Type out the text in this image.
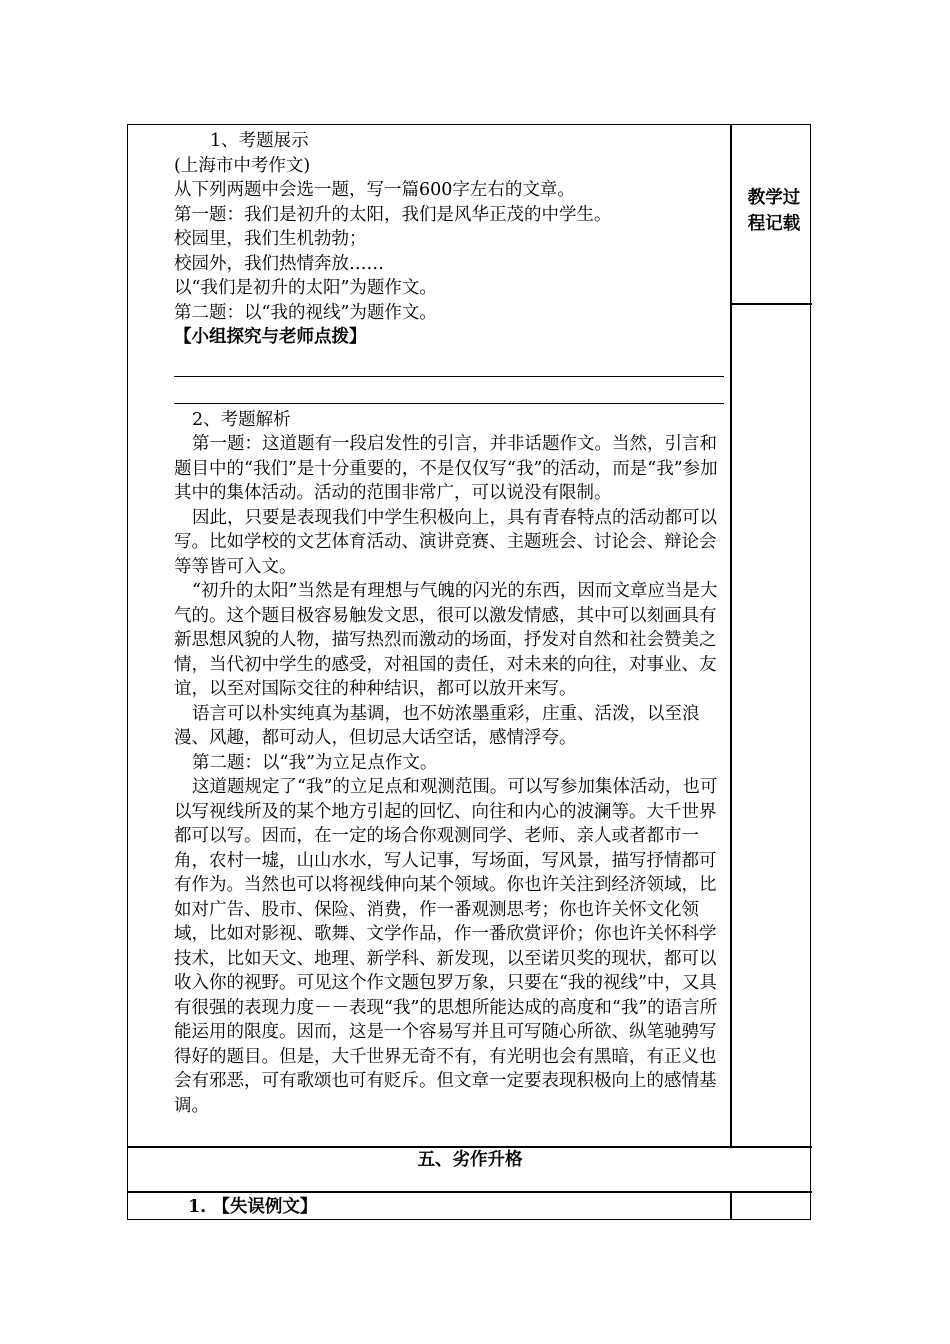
1、考题展示

(上海市中考作文)

从下列两题中会选一题，写一篇600字左右的文章。

第一题：我们是初升的太阳，我们是风华正茂的中学生。

校园里，我们生机勃勃；

校园外，我们热情奔放……

以“我们是初升的太阳”为题作文。

第二题：以“我的视线”为题作文。

【小组探究与老师点拨】

2、考题解析

第一题：这道题有一段启发性的引言，并非话题作文。当然，引言和题目中的“我们”是十分重要的，不是仅仅写“我”的活动，而是“我”参加其中的集体活动。活动的范围非常广，可以说没有限制。

因此，只要是表现我们中学生积极向上，具有青春特点的活动都可以写。比如学校的文艺体育活动、演讲竞赛、主题班会、讨论会、辩论会等等皆可入文。

“初升的太阳”当然是有理想与气魄的闪光的东西，因而文章应当是大气的。这个题目极容易触发文思，很可以激发情感，其中可以刻画具有新思想风貌的人物，描写热烈而激动的场面，抒发对自然和社会赞美之情，当代初中学生的感受，对祖国的责任，对未来的向往，对事业、友谊，以至对国际交往的种种结识，都可以放开来写。

语言可以朴实纯真为基调，也不妨浓墨重彩，庄重、活泼，以至浪漫、风趣，都可动人，但切忌大话空话，感情浮夸。

第二题：以“我”为立足点作文。

这道题规定了“我”的立足点和观测范围。可以写参加集体活动，也可以写视线所及的某个地方引起的回忆、向往和内心的波澜等。大千世界都可以写。因而，在一定的场合你观测同学、老师、亲人或者都市一角，农村一墟，山山水水，写人记事，写场面，写风景，描写抒情都可有作为。当然也可以将视线伸向某个领域。你也许关注到经济领域，比如对广告、股市、保险、消费，作一番观测思考；你也许关怀文化领域，比如对影视、歌舞、文学作品，作一番欣赏评价；你也许关怀科学技术，比如天文、地理、新学科、新发现，以至诺贝奖的现状，都可以收入你的视野。可见这个作文题包罗万象，只要在“我的视线”中，又具有很强的表现力度－－表现“我”的思想所能达成的高度和“我”的语言所能运用的限度。因而，这是一个容易写并且可写随心所欲、纵笔驰骋写得好的题目。但是，大千世界无奇不有，有光明也会有黑暗，有正义也会有邪恶，可有歌颂也可有贬斥。但文章一定要表现积极向上的感情基调。

教学过
程记载
五、劣作升格
1. 【失误例文】
